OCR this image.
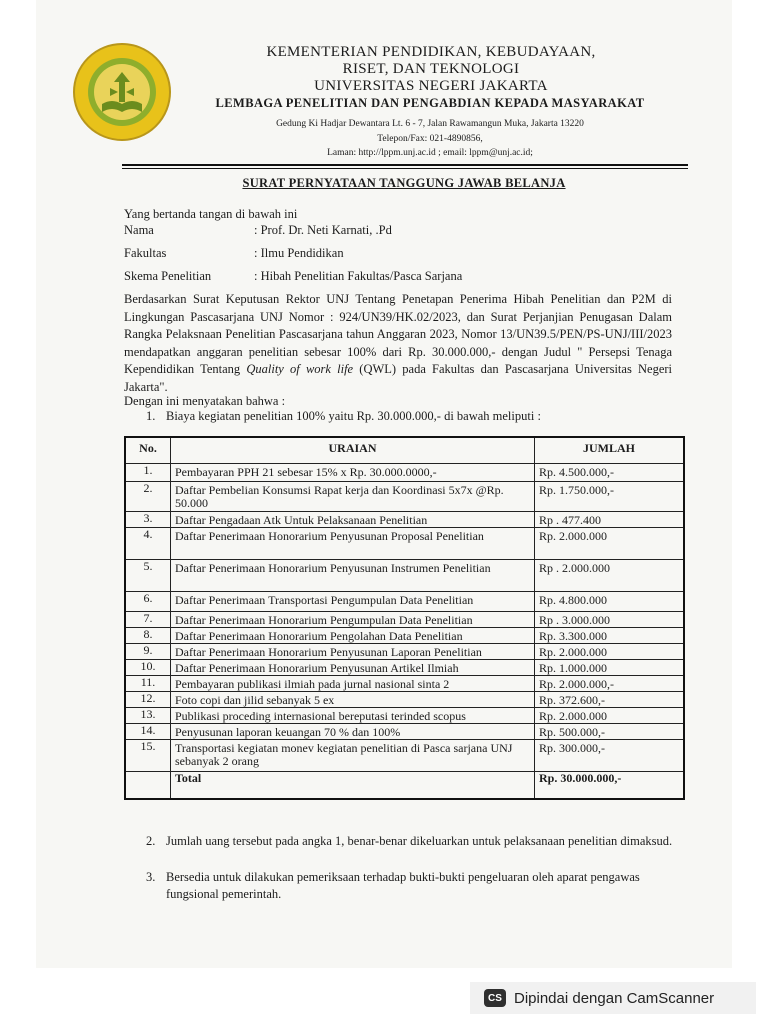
KEMENTERIAN PENDIDIKAN, KEBUDAYAAN,
RISET, DAN TEKNOLOGI
UNIVERSITAS NEGERI JAKARTA
LEMBAGA PENELITIAN DAN PENGABDIAN KEPADA MASYARAKAT
Gedung Ki Hadjar Dewantara Lt. 6 - 7, Jalan Rawamangun Muka, Jakarta 13220
Telepon/Fax: 021-4890856,
Laman: http://lppm.unj.ac.id ; email: lppm@unj.ac.id;
SURAT PERNYATAAN TANGGUNG JAWAB BELANJA
Yang bertanda tangan di bawah ini
Nama	: Prof. Dr. Neti Karnati, .Pd
Fakultas	: Ilmu Pendidikan
Skema Penelitian	: Hibah Penelitian Fakultas/Pasca Sarjana
Berdasarkan Surat Keputusan Rektor UNJ Tentang Penetapan Penerima Hibah Penelitian dan P2M di Lingkungan Pascasarjana UNJ Nomor : 924/UN39/HK.02/2023, dan Surat Perjanjian Penugasan Dalam Rangka Pelaksnaan Penelitian Pascasarjana tahun Anggaran 2023, Nomor 13/UN39.5/PEN/PS-UNJ/III/2023 mendapatkan anggaran penelitian sebesar 100% dari Rp. 30.000.000,- dengan Judul " Persepsi Tenaga Kependidikan Tentang Quality of work life (QWL) pada Fakultas dan Pascasarjana Universitas Negeri Jakarta".
Dengan ini menyatakan bahwa :
1. Biaya kegiatan penelitian 100% yaitu Rp. 30.000.000,- di bawah meliputi :
No.	URAIAN	JUMLAH
1.	Pembayaran PPH 21 sebesar 15% x Rp. 30.000.0000,-	Rp. 4.500.000,-
2.	Daftar Pembelian Konsumsi Rapat kerja dan Koordinasi 5x7x @Rp. 50.000	Rp. 1.750.000,-
3.	Daftar Pengadaan Atk Untuk Pelaksanaan Penelitian	Rp . 477.400
4.	Daftar Penerimaan Honorarium Penyusunan Proposal Penelitian	Rp. 2.000.000
5.	Daftar Penerimaan Honorarium Penyusunan Instrumen Penelitian	Rp . 2.000.000
6.	Daftar Penerimaan Transportasi Pengumpulan Data Penelitian	Rp. 4.800.000
7.	Daftar Penerimaan Honorarium Pengumpulan Data Penelitian	Rp . 3.000.000
8.	Daftar Penerimaan Honorarium Pengolahan Data Penelitian	Rp. 3.300.000
9.	Daftar Penerimaan Honorarium Penyusunan Laporan Penelitian	Rp. 2.000.000
10.	Daftar Penerimaan Honorarium Penyusunan Artikel Ilmiah	Rp. 1.000.000
11.	Pembayaran publikasi ilmiah pada jurnal nasional sinta 2	Rp. 2.000.000,-
12.	Foto copi dan jilid sebanyak 5 ex	Rp. 372.600,-
13.	Publikasi proceding internasional bereputasi terinded scopus	Rp. 2.000.000
14.	Penyusunan laporan keuangan 70 % dan 100%	Rp. 500.000,-
15.	Transportasi kegiatan monev kegiatan penelitian di Pasca sarjana UNJ sebanyak 2 orang	Rp. 300.000,-
	Total	Rp. 30.000.000,-
2. Jumlah uang tersebut pada angka 1, benar-benar dikeluarkan untuk pelaksanaan penelitian dimaksud.
3. Bersedia untuk dilakukan pemeriksaan terhadap bukti-bukti pengeluaran oleh aparat pengawas fungsional pemerintah.
CS Dipindai dengan CamScanner
